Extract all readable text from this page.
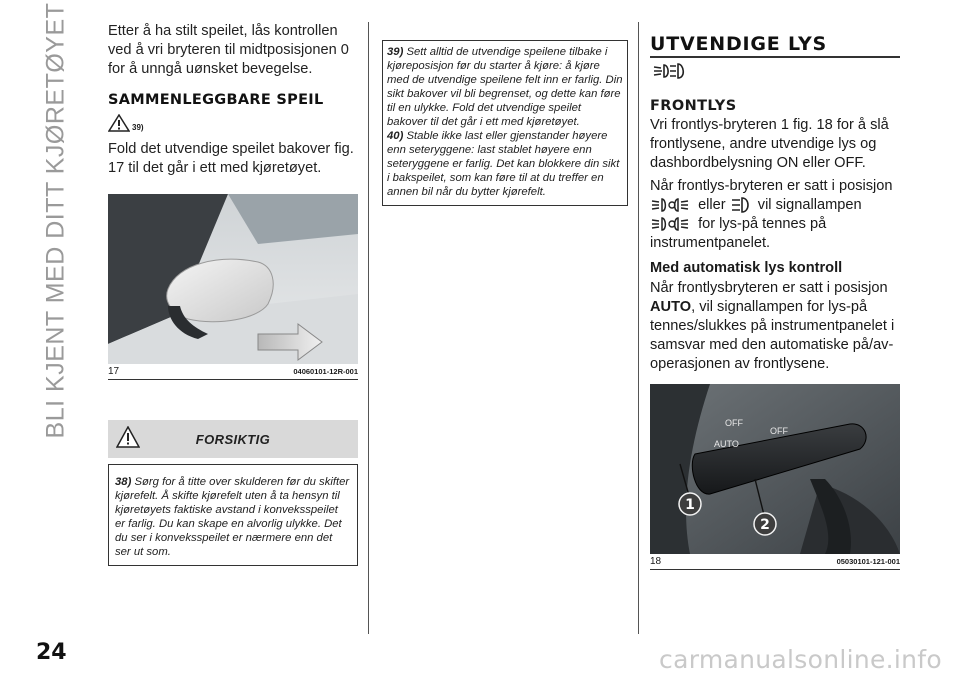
BLI KJENT MED DITT KJØRETØYET	Etter å ha stilt speilet, lås kontrollen ved å vri bryteren til midtposisjonen 0 for å unngå uønsket bevegelse.

SAMMENLEGGBARE SPEIL
$_{39)}$

Fold det utvendige speilet bakover fig. 17 til det går i ett med kjøretøyet.

17	04060101-12R-001
FORSIKTIG
38) Sørg for å titte over skulderen før du skifter kjørefelt. Å skifte kjørefelt uten å ta hensyn til kjøretøyets faktiske avstand i konveksspeilet er farlig. Du kan skape en alvorlig ulykke. Det du ser i konveksspeilet er nærmere enn det ser ut som.

39) Sett alltid de utvendige speilene tilbake i kjøreposisjon før du starter å kjøre: å kjøre med de utvendige speilene felt inn er farlig. Din sikt bakover vil bli begrenset, og dette kan føre til en ulykke. Fold det utvendige speilet bakover til det går i ett med kjøretøyet.

40) Stable ikke last eller gjenstander høyere enn seteryggene: last stablet høyere enn seteryggene er farlig. Det kan blokkere din sikt i bakspeilet, som kan føre til at du treffer en annen bil når du bytter kjørefelt.

UTVENDIGE LYS
FRONTLYS

Vri frontlys-bryteren 1 fig. 18 for å slå frontlysene, andre utvendige lys og dashbordbelysning ON eller OFF.

Når frontlys-bryteren er satt i posisjon
eller vil signallampen
for lys-på tennes på instrumentpanelet.

Med automatisk lys kontroll

Når frontlysbryteren er satt i posisjon AUTO, vil signallampen for lys-på tennes/slukkes på instrumentpanelet i samsvar med den automatiske på/av-operasjonen av frontlysene.

OFF
OFF
AUTO
1
2
18	05030101-121-001
24	carmanualsonline.info
